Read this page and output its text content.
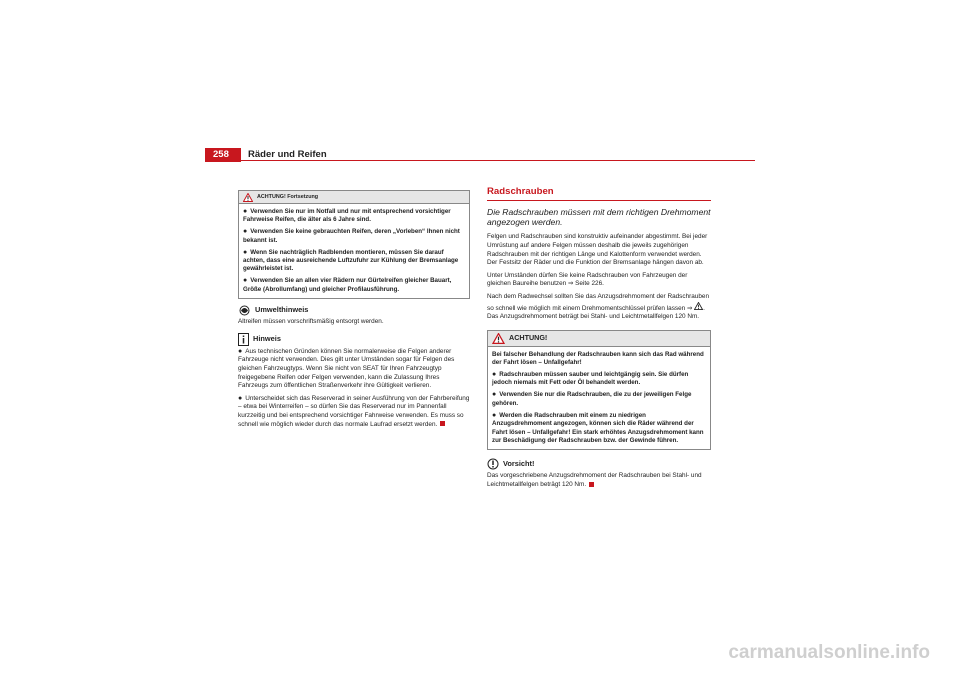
258 Räder und Reifen
ACHTUNG! Fortsetzung

● Verwenden Sie nur im Notfall und nur mit entsprechend vorsichtiger Fahrweise Reifen, die älter als 6 Jahre sind.

● Verwenden Sie keine gebrauchten Reifen, deren „Vorleben“ Ihnen nicht bekannt ist.

● Wenn Sie nachträglich Radblenden montieren, müssen Sie darauf achten, dass eine ausreichende Luftzufuhr zur Kühlung der Bremsanlage gewährleistet ist.

● Verwenden Sie an allen vier Rädern nur Gürtelreifen gleicher Bauart, Größe (Abrollumfang) und gleicher Profilausführung.

Umwelthinweis

Altreifen müssen vorschriftsmäßig entsorgt werden.

Hinweis

● Aus technischen Gründen können Sie normalerweise die Felgen anderer Fahrzeuge nicht verwenden. Dies gilt unter Umständen sogar für Felgen des gleichen Fahrzeugtyps. Wenn Sie nicht von SEAT für Ihren Fahrzeugtyp freigegebene Reifen oder Felgen verwenden, kann die Zulassung Ihres Fahrzeugs zum öffentlichen Straßenverkehr ihre Gültigkeit verlieren.

● Unterscheidet sich das Reserverad in seiner Ausführung von der Fahrbereifung – etwa bei Winterreifen – so dürfen Sie das Reserverad nur im Pannenfall kurzzeitig und bei entsprechend vorsichtiger Fahrweise verwenden. Es muss so schnell wie möglich wieder durch das normale Laufrad ersetzt werden.

Radschrauben

Die Radschrauben müssen mit dem richtigen Drehmoment angezogen werden.

Felgen und Radschrauben sind konstruktiv aufeinander abgestimmt. Bei jeder Umrüstung auf andere Felgen müssen deshalb die jeweils zugehörigen Radschrauben mit der richtigen Länge und Kalottenform verwendet werden. Der Festsitz der Räder und die Funktion der Bremsanlage hängen davon ab.

Unter Umständen dürfen Sie keine Radschrauben von Fahrzeugen der gleichen Baureihe benutzen ⇒ Seite 226.

Nach dem Radwechsel sollten Sie das Anzugsdrehmoment der Radschrauben so schnell wie möglich mit einem Drehmomentschlüssel prüfen lassen ⇒ . Das Anzugsdrehmoment beträgt bei Stahl- und Leichtmetallfelgen 120 Nm.

ACHTUNG!

Bei falscher Behandlung der Radschrauben kann sich das Rad während der Fahrt lösen – Unfallgefahr!

● Radschrauben müssen sauber und leichtgängig sein. Sie dürfen jedoch niemals mit Fett oder Öl behandelt werden.

● Verwenden Sie nur die Radschrauben, die zu der jeweiligen Felge gehören.

● Werden die Radschrauben mit einem zu niedrigen Anzugsdrehmoment angezogen, können sich die Räder während der Fahrt lösen – Unfallgefahr! Ein stark erhöhtes Anzugsdrehmoment kann zur Beschädigung der Radschrauben bzw. der Gewinde führen.

Vorsicht!

Das vorgeschriebene Anzugsdrehmoment der Radschrauben bei Stahl- und Leichtmetallfelgen beträgt 120 Nm.

carmanualsonline.info
